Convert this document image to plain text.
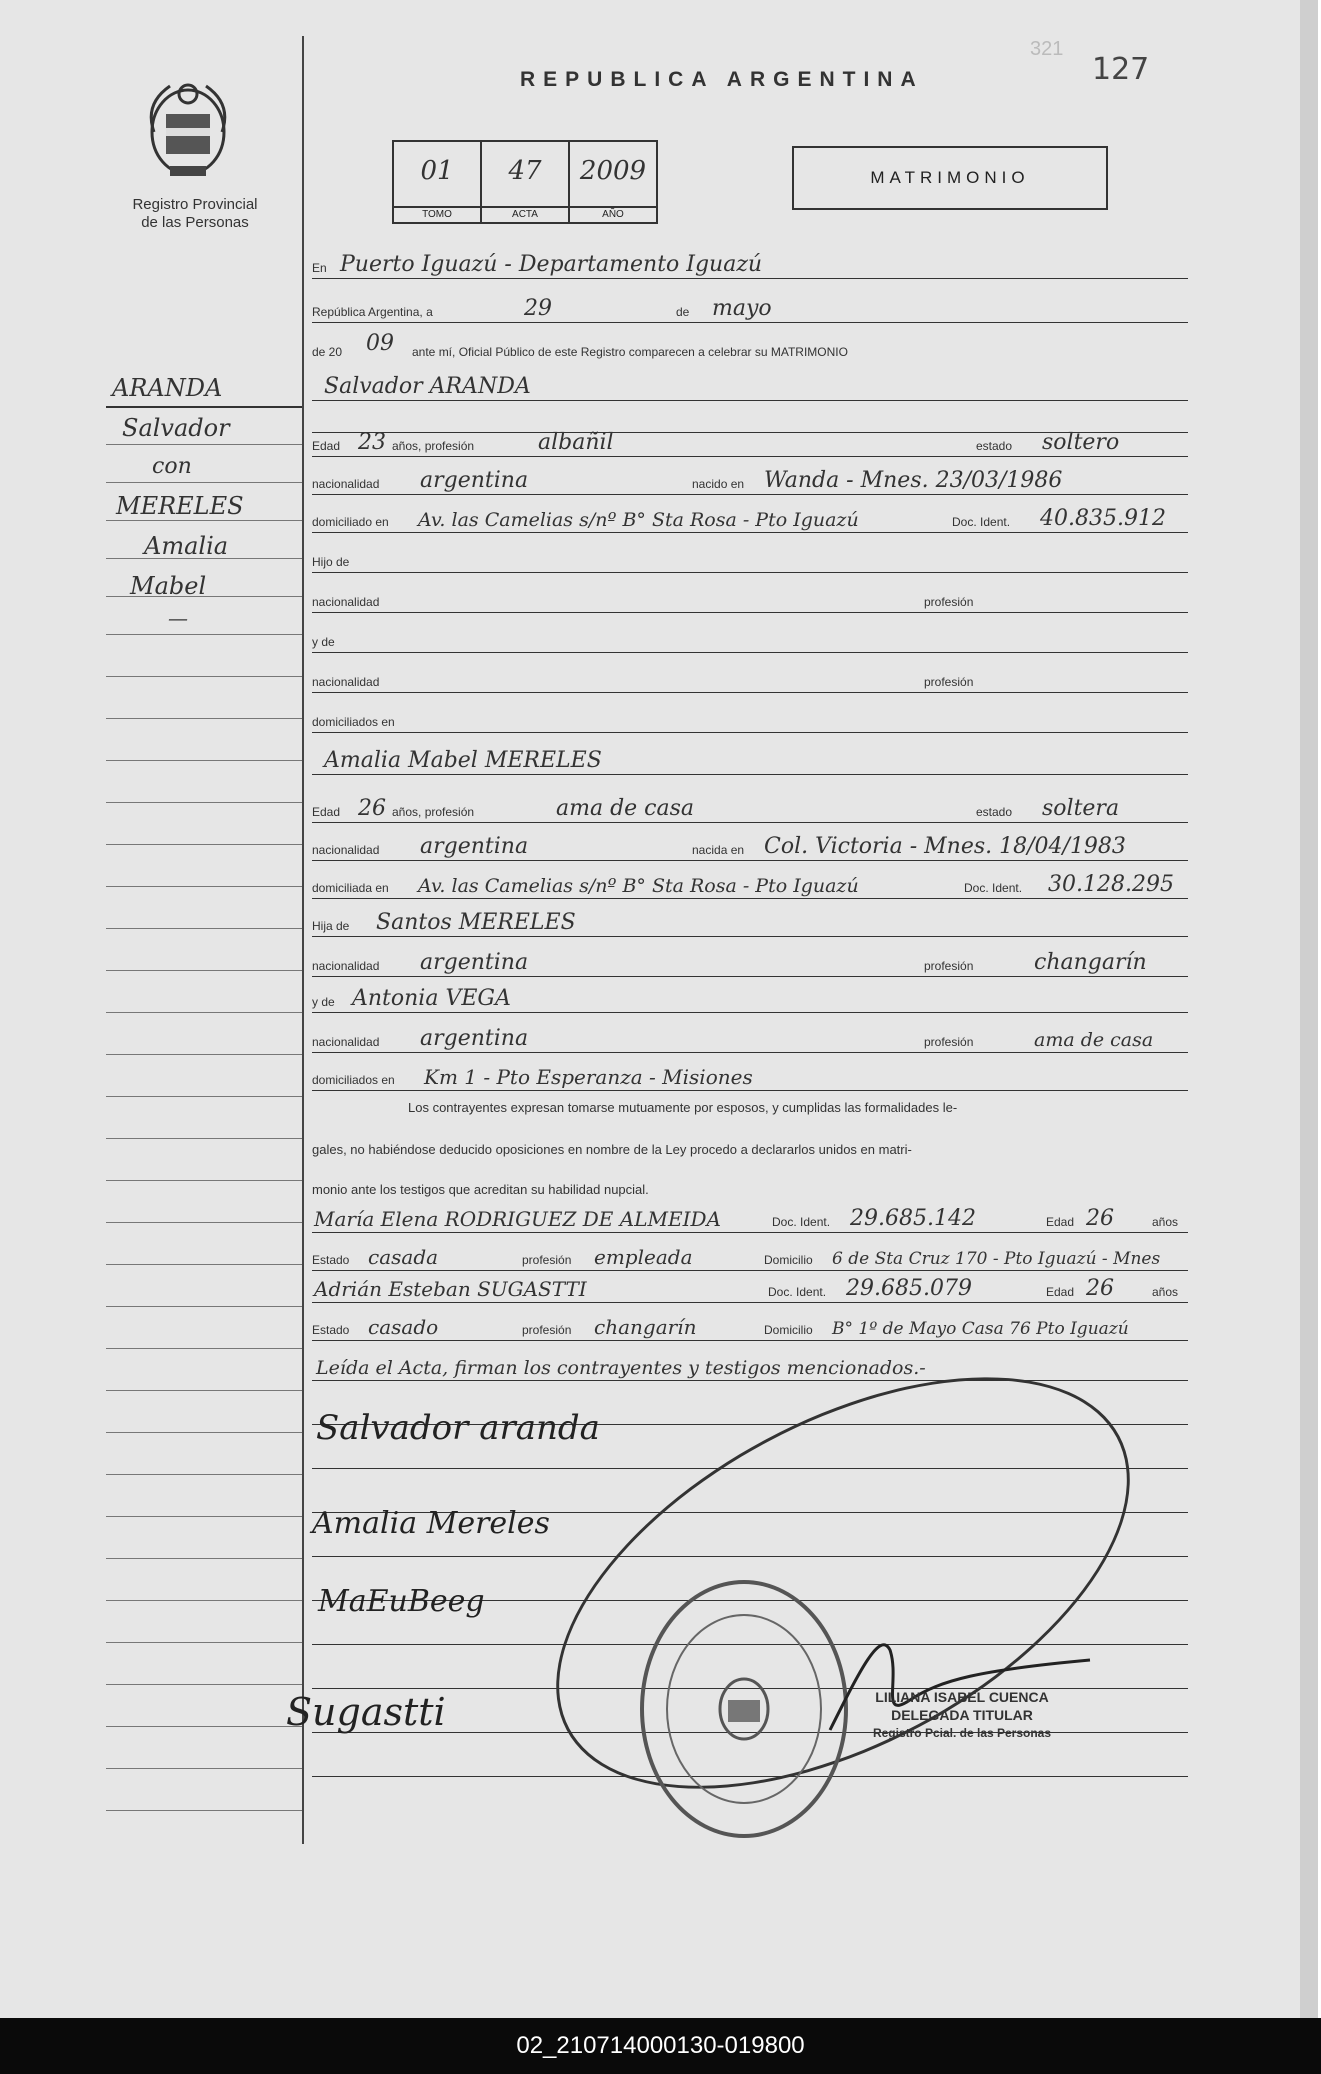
Registro Provincial
de las Personas
REPUBLICA ARGENTINA
321
127
01
TOMO
47
ACTA
2009
AÑO
MATRIMONIO
ARANDA
Salvador
con
MERELES
Amalia
Mabel
—
En Puerto Iguazú - Departamento Iguazú
República Argentina, a	29	de mayo
de 20 09 ante mí, Oficial Público de este Registro comparecen a celebrar su MATRIMONIO
Salvador ARANDA
Edad 23 años, profesión	albañil	estado soltero
nacionalidad argentina	nacido en Wanda - Mnes. 23/03/1986
domiciliado en Av. las Camelias s/nº B° Sta Rosa - Pto Iguazú	Doc. Ident. 40.835.912
Hijo de
nacionalidad	profesión
y de
nacionalidad	profesión
domiciliados en
Amalia Mabel MERELES
Edad 26 años, profesión	ama de casa	estado soltera
nacionalidad argentina	nacida en Col. Victoria - Mnes. 18/04/1983
domiciliada en Av. las Camelias s/nº B° Sta Rosa - Pto Iguazú	Doc. Ident. 30.128.295
Hija de Santos MERELES
nacionalidad argentina	profesión	changarín
y de Antonia VEGA
nacionalidad argentina	profesión	ama de casa
domiciliados en Km 1 - Pto Esperanza - Misiones
Los contrayentes expresan tomarse mutuamente por esposos, y cumplidas las formalidades le-
gales, no habiéndose deducido oposiciones en nombre de la Ley procedo a declararlos unidos en matri-
monio ante los testigos que acreditan su habilidad nupcial.
María Elena RODRIGUEZ DE ALMEIDA	Doc. Ident. 29.685.142	Edad 26	años
Estado casada	profesión empleada	Domicilio 6 de Sta Cruz 170 - Pto Iguazú - Mnes
Adrián Esteban SUGASTTI	Doc. Ident. 29.685.079	Edad 26	años
Estado casado	profesión changarín	Domicilio B° 1º de Mayo Casa 76 Pto Iguazú
Leída el Acta, firman los contrayentes y testigos mencionados.-
Salvador aranda
Amalia Mereles
MaEuBeeg
Sugastti	LILIANA ISABEL CUENCA
DELEGADA TITULAR
Registro Pcial. de las Personas
02_210714000130-019800
